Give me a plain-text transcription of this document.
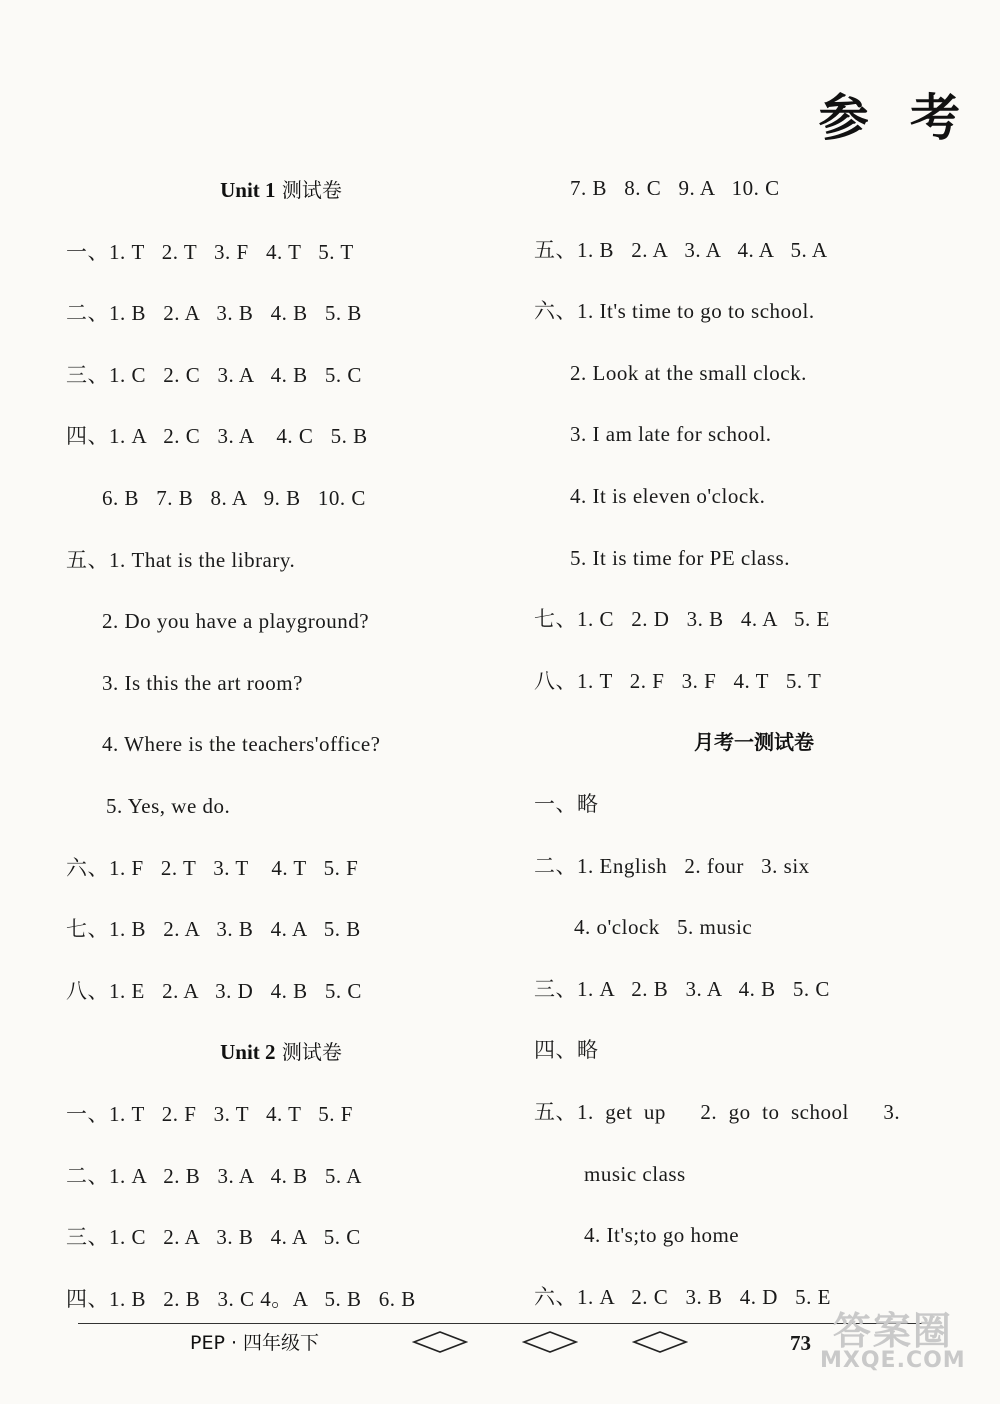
参 考
Unit 1 测试卷
一、1. T   2. T   3. F   4. T   5. T
二、1. B   2. A   3. B   4. B   5. B
三、1. C   2. C   3. A   4. B   5. C
四、1. A   2. C   3. A    4. C   5. B
6. B   7. B   8. A   9. B   10. C
五、1. That is the library.
2. Do you have a playground?
3. Is this the art room?
4. Where is the teachers'office?
5. Yes, we do.
六、1. F   2. T   3. T    4. T   5. F
七、1. B   2. A   3. B   4. A   5. B
八、1. E   2. A   3. D   4. B   5. C
Unit 2 测试卷
一、1. T   2. F   3. T   4. T   5. F
二、1. A   2. B   3. A   4. B   5. A
三、1. C   2. A   3. B   4. A   5. C
四、1. B   2. B   3. C 4。A   5. B   6. B
7. B   8. C   9. A   10. C
五、1. B   2. A   3. A   4. A   5. A
六、1. It's time to go to school.
2. Look at the small clock.
3. I am late for school.
4. It is eleven o'clock.
5. It is time for PE class.
七、1. C   2. D   3. B   4. A   5. E
八、1. T   2. F   3. F   4. T   5. T
月考一测试卷
一、略
二、1. English   2. four   3. six
4. o'clock   5. music
三、1. A   2. B   3. A   4. B   5. C
四、略
五、1.  get  up      2.  go  to  school      3.
music class
4. It's;to go home
六、1. A   2. C   3. B   4. D   5. E
PEP · 四年级下	73 答案圈
MXQE.COM
